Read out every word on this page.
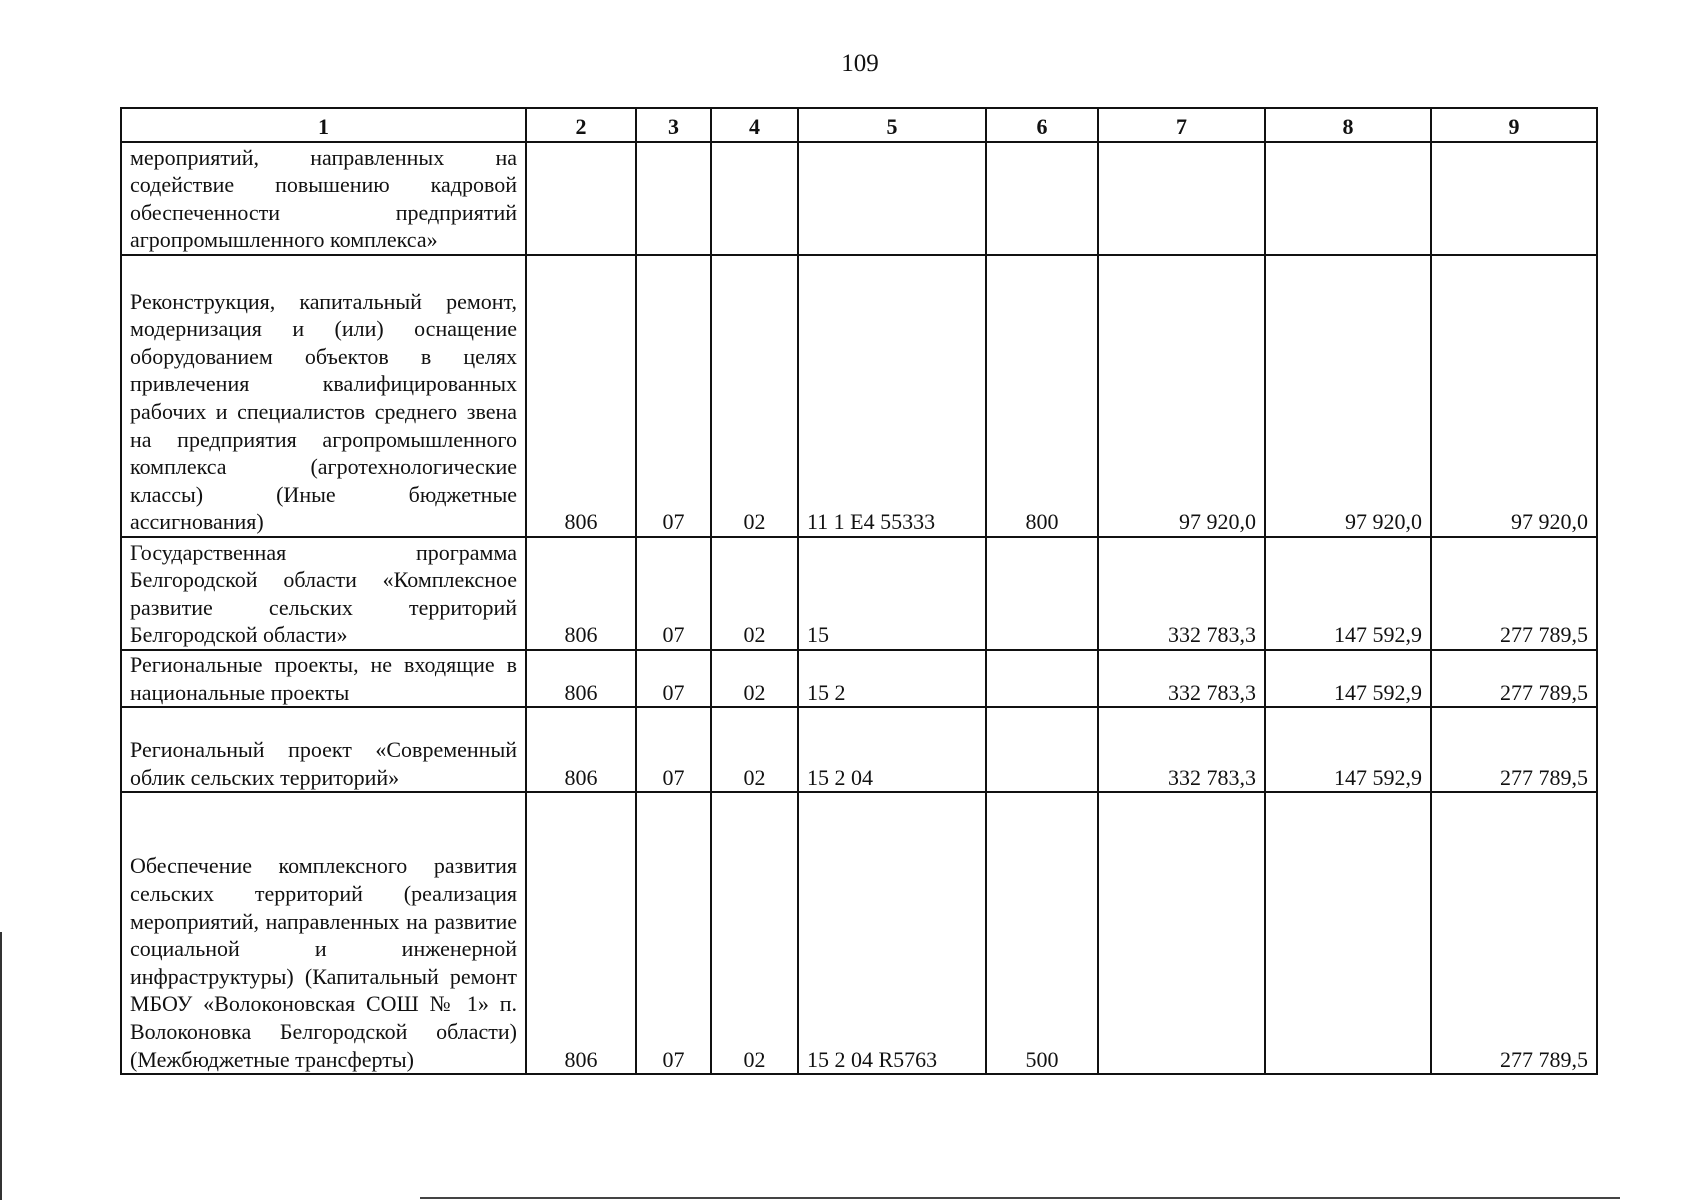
109
1	2	3	4	5	6	7	8	9
мероприятий, направленных на содействие повышению кадровой обеспеченности предприятий агропромышленного комплекса»								
Реконструкция, капитальный ремонт, модернизация и (или) оснащение оборудованием объектов в целях привлечения квалифицированных рабочих и специалистов среднего звена на предприятия агропромышленного комплекса (агротехнологические классы) (Иные бюджетные ассигнования)	806	07	02	11 1 Е4 55333	800	97 920,0	97 920,0	97 920,0
Государственная программа Белгородской области «Комплексное развитие сельских территорий Белгородской области»	806	07	02	15		332 783,3	147 592,9	277 789,5
Региональные проекты, не входящие в национальные проекты	806	07	02	15 2		332 783,3	147 592,9	277 789,5
Региональный проект «Современный облик сельских территорий»	806	07	02	15 2 04		332 783,3	147 592,9	277 789,5
Обеспечение комплексного развития сельских территорий (реализация мероприятий, направленных на развитие социальной и инженерной инфраструктуры) (Капитальный ремонт МБОУ «Волоконовская СОШ № 1» п. Волоконовка Белгородской области) (Межбюджетные трансферты)	806	07	02	15 2 04 R5763	500			277 789,5
